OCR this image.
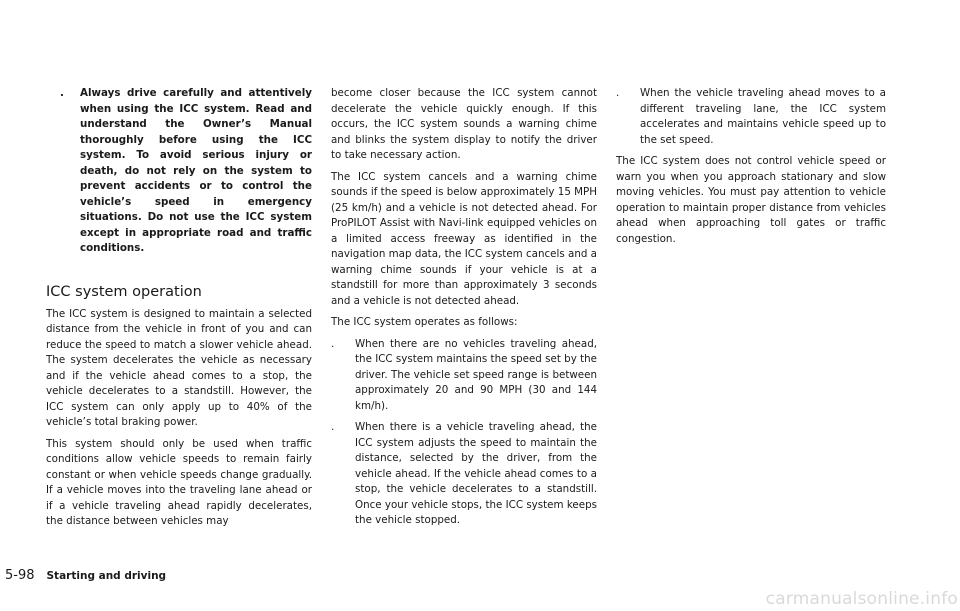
.	Always drive carefully and attentively when using the ICC system. Read and understand the Owner’s Manual thoroughly before using the ICC system. To avoid serious injury or death, do not rely on the system to prevent accidents or to control the vehicle’s speed in emergency situations. Do not use the ICC system except in appropriate road and traffic conditions.
ICC system operation

The ICC system is designed to maintain a selected distance from the vehicle in front of you and can reduce the speed to match a slower vehicle ahead. The system decelerates the vehicle as necessary and if the vehicle ahead comes to a stop, the vehicle decelerates to a standstill. However, the ICC system can only apply up to 40% of the vehicle’s total braking power.

This system should only be used when traffic conditions allow vehicle speeds to remain fairly constant or when vehicle speeds change gradually. If a vehicle moves into the traveling lane ahead or if a vehicle traveling ahead rapidly decelerates, the distance between vehicles may

become closer because the ICC system cannot decelerate the vehicle quickly enough. If this occurs, the ICC system sounds a warning chime and blinks the system display to notify the driver to take necessary action.

The ICC system cancels and a warning chime sounds if the speed is below approximately 15 MPH (25 km/h) and a vehicle is not detected ahead. For ProPILOT Assist with Navi-link equipped vehicles on a limited access freeway as identified in the navigation map data, the ICC system cancels and a warning chime sounds if your vehicle is at a standstill for more than approximately 3 seconds and a vehicle is not detected ahead.

The ICC system operates as follows:

.	When there are no vehicles traveling ahead, the ICC system maintains the speed set by the driver. The vehicle set speed range is between approximately 20 and 90 MPH (30 and 144 km/h).
.	When there is a vehicle traveling ahead, the ICC system adjusts the speed to maintain the distance, selected by the driver, from the vehicle ahead. If the vehicle ahead comes to a stop, the vehicle decelerates to a standstill. Once your vehicle stops, the ICC system keeps the vehicle stopped.
.	When the vehicle traveling ahead moves to a different traveling lane, the ICC system accelerates and maintains vehicle speed up to the set speed.

The ICC system does not control vehicle speed or warn you when you approach stationary and slow moving vehicles. You must pay attention to vehicle operation to maintain proper distance from vehicles ahead when approaching toll gates or traffic congestion.

5-98 Starting and driving
carmanualsonline.info
